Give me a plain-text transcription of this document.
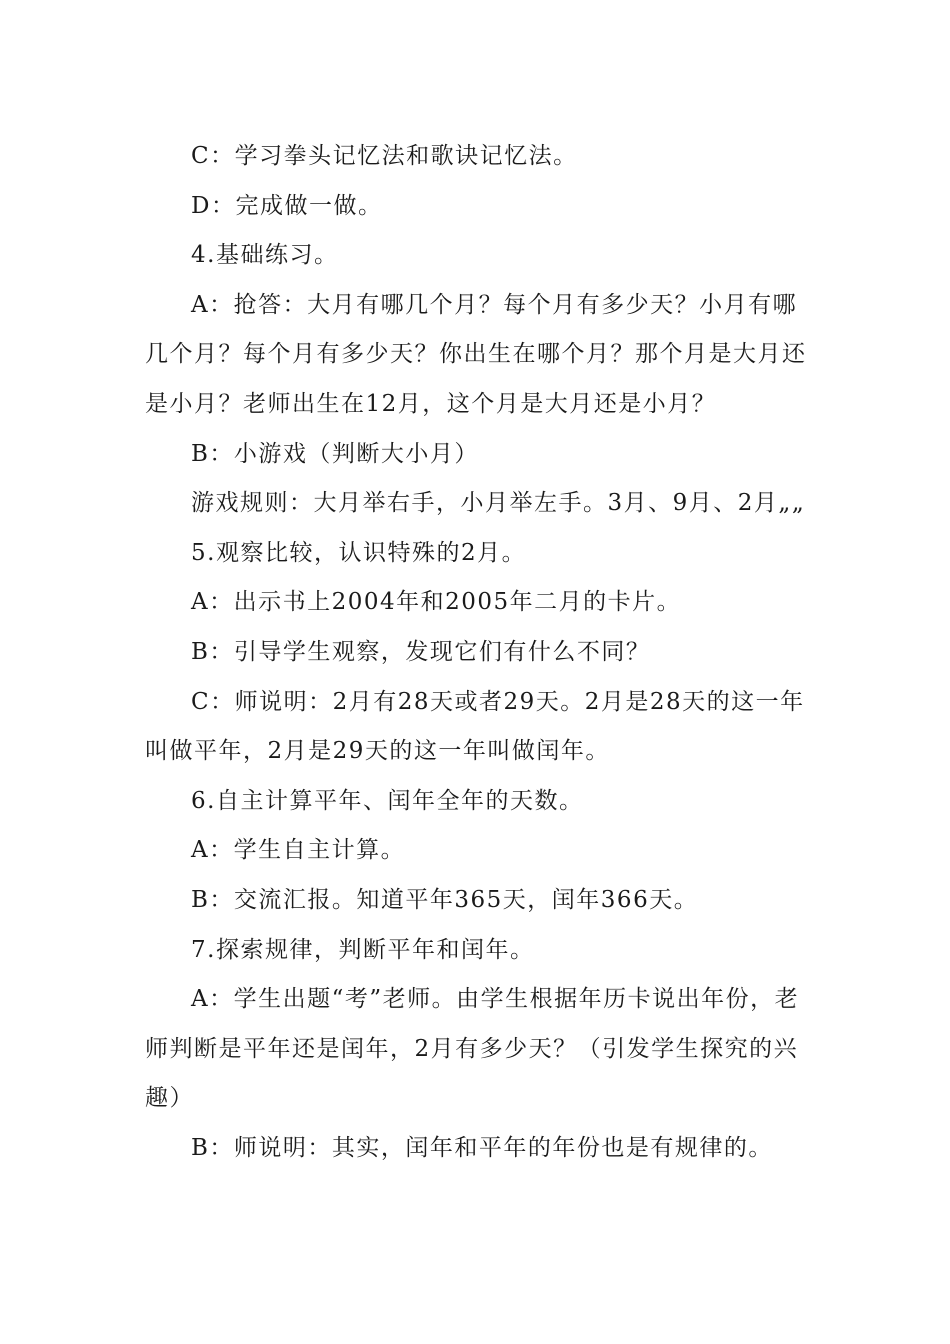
C：学习拳头记忆法和歌诀记忆法。

D：完成做一做。

4.基础练习。

A：抢答：大月有哪几个月？每个月有多少天？小月有哪几个月？每个月有多少天？你出生在哪个月？那个月是大月还是小月？老师出生在12月，这个月是大月还是小月？

B：小游戏（判断大小月）

游戏规则：大月举右手，小月举左手。3月、9月、2月„„

5.观察比较，认识特殊的2月。

A：出示书上2004年和2005年二月的卡片。

B：引导学生观察，发现它们有什么不同？

C：师说明：2月有28天或者29天。2月是28天的这一年叫做平年，2月是29天的这一年叫做闰年。

6.自主计算平年、闰年全年的天数。

A：学生自主计算。

B：交流汇报。知道平年365天，闰年366天。

7.探索规律，判断平年和闰年。

A：学生出题“考”老师。由学生根据年历卡说出年份，老师判断是平年还是闰年，2月有多少天？（引发学生探究的兴趣）

B：师说明：其实，闰年和平年的年份也是有规律的。
